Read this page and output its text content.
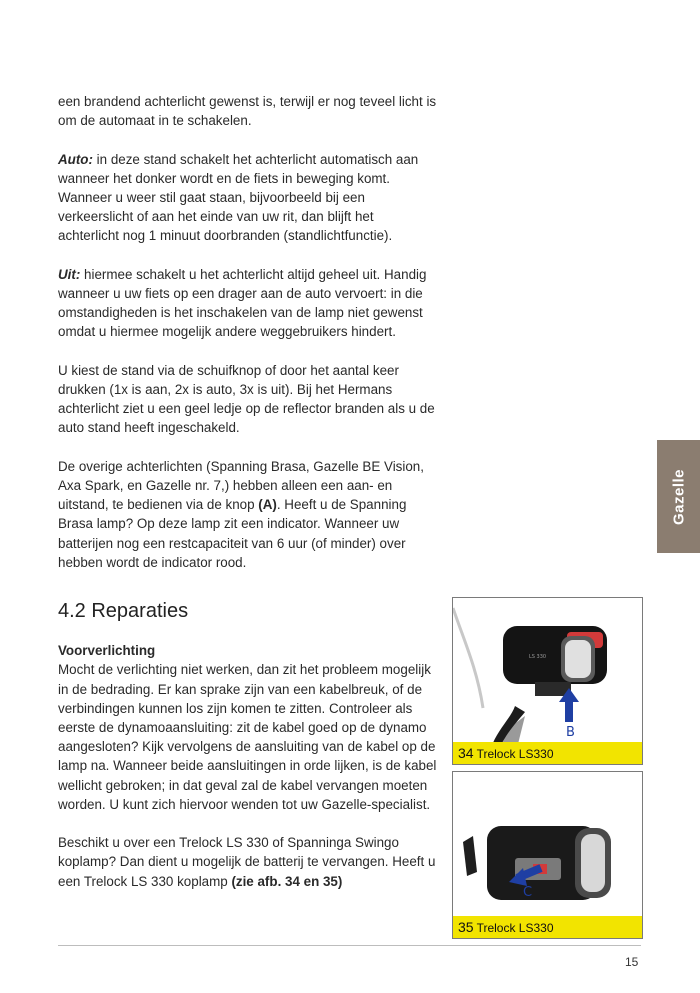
een brandend achterlicht gewenst is, terwijl er nog teveel licht is om de automaat in te schakelen.

Auto: in deze stand schakelt het achterlicht automatisch aan wanneer het donker wordt en de fiets in beweging komt. Wanneer u weer stil gaat staan, bijvoorbeeld bij een verkeerslicht of aan het einde van uw rit, dan blijft het achterlicht nog 1 minuut doorbranden (standlichtfunctie).

Uit: hiermee schakelt u het achterlicht altijd geheel uit. Handig wanneer u uw fiets op een drager aan de auto vervoert: in die omstandigheden is het inschakelen van de lamp niet gewenst omdat u hiermee mogelijk andere weggebruikers hindert.

U kiest de stand via de schuifknop of door het aantal keer drukken (1x is aan, 2x is auto, 3x is uit). Bij het Hermans achterlicht ziet u een geel ledje op de reflector branden als u de auto stand heeft ingeschakeld.

De overige achterlichten (Spanning Brasa, Gazelle BE Vision, Axa Spark, en Gazelle nr. 7,) hebben alleen een aan- en uitstand, te bedienen via de knop (A). Heeft u de Spanning Brasa lamp? Op deze lamp zit een indicator. Wanneer uw batterijen nog een restcapaciteit van 6 uur (of minder) over hebben wordt de indicator rood.

4.2 Reparaties

Voorverlichting

Mocht de verlichting niet werken, dan zit het probleem mogelijk in de bedrading. Er kan sprake zijn van een kabelbreuk, of de verbindingen kunnen los zijn komen te zitten. Controleer als eerste de dynamoaansluiting: zit de kabel goed op de dynamo aangesloten? Kijk vervolgens de aansluiting van de kabel op de lamp na. Wanneer beide aansluitingen in orde lijken, is de kabel wellicht gebroken; in dat geval zal de kabel vervangen moeten worden. U kunt zich hiervoor wenden tot uw Gazelle-specialist.

Beschikt u over een Trelock LS 330 of Spanninga Swingo koplamp? Dan dient u mogelijk de batterij te vervangen. Heeft u een Trelock LS 330 koplamp (zie afb. 34 en 35)

Gazelle
LS 330
B
34 Trelock LS330
C
35 Trelock LS330
15
